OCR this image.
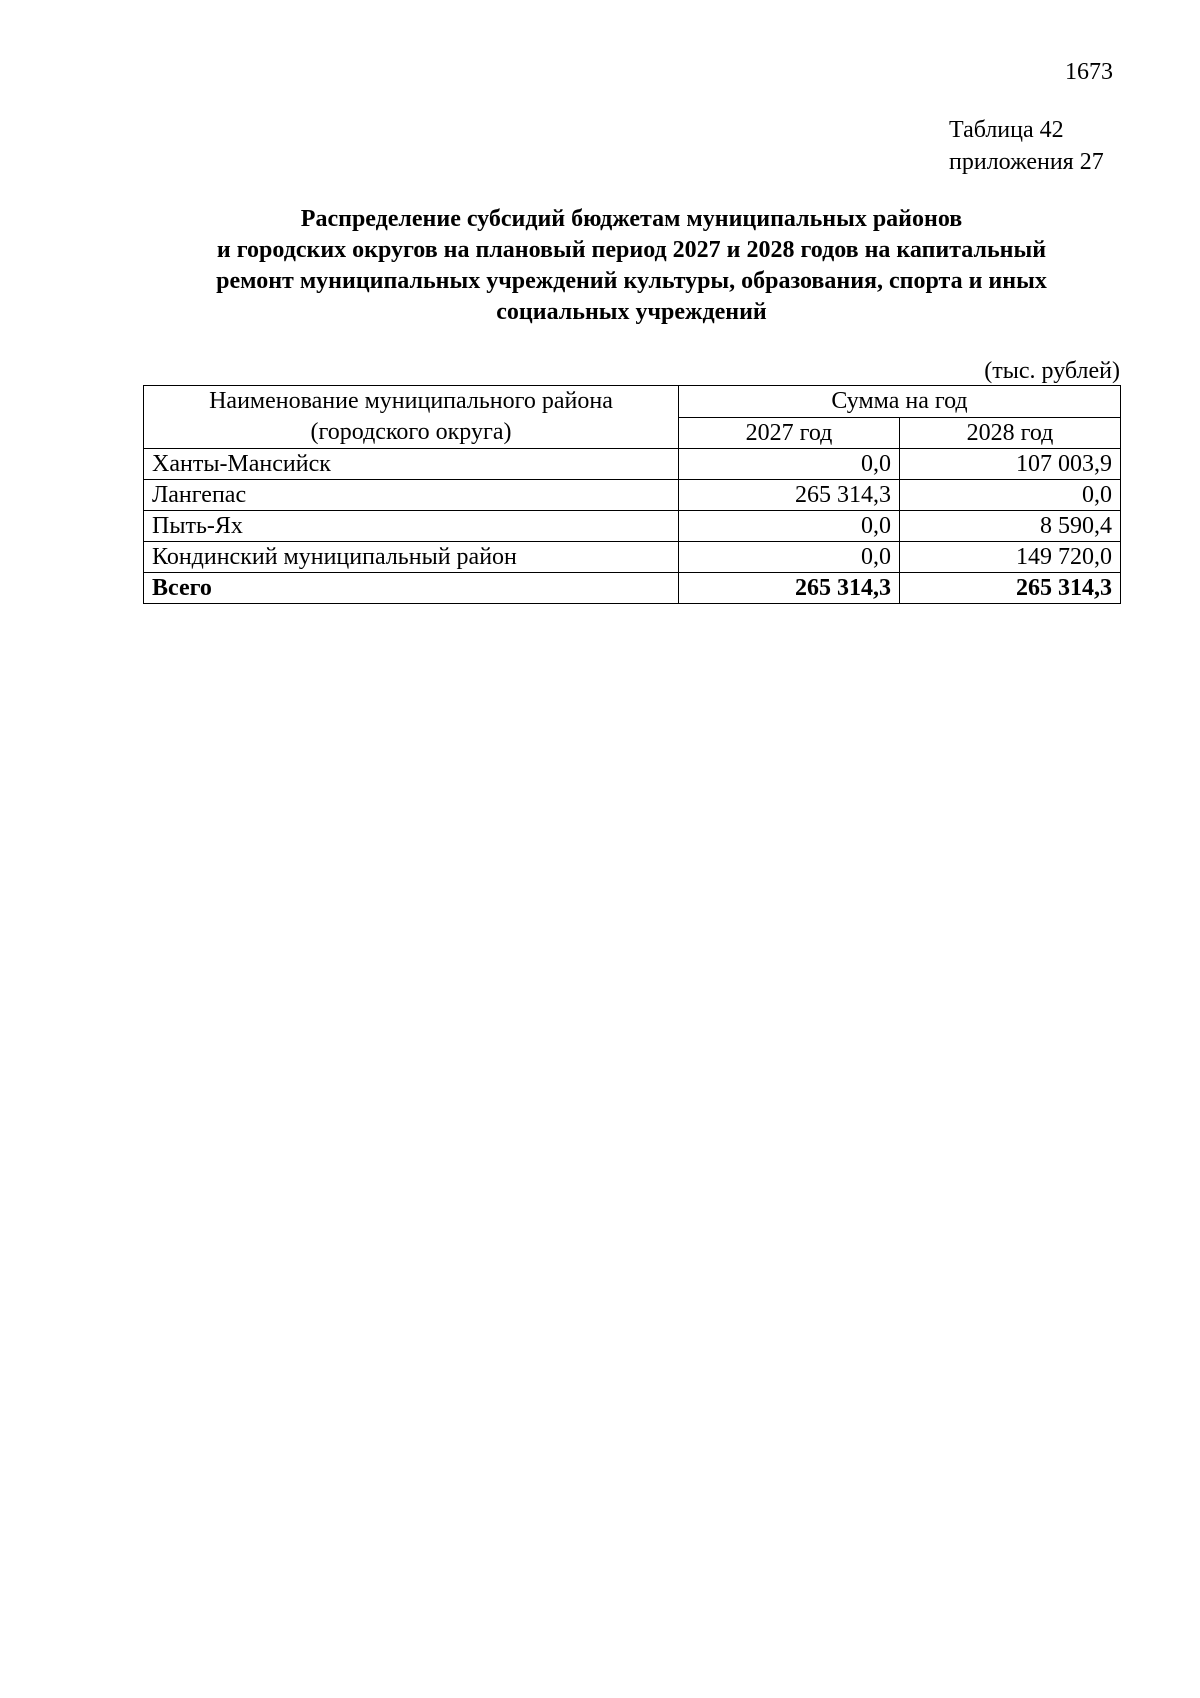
1673
Таблица 42
приложения 27
Распределение субсидий бюджетам муниципальных районов
и городских округов на плановый период 2027 и 2028 годов на капитальный
ремонт муниципальных учреждений культуры, образования, спорта и иных
социальных учреждений
(тыс. рублей)
Наименование муниципального района
(городского округа)	Сумма на год	
	2027 год	2028 год
Ханты-Мансийск	0,0	107 003,9
Лангепас	265 314,3	0,0
Пыть-Ях	0,0	8 590,4
Кондинский муниципальный район	0,0	149 720,0
Всего	265 314,3	265 314,3
